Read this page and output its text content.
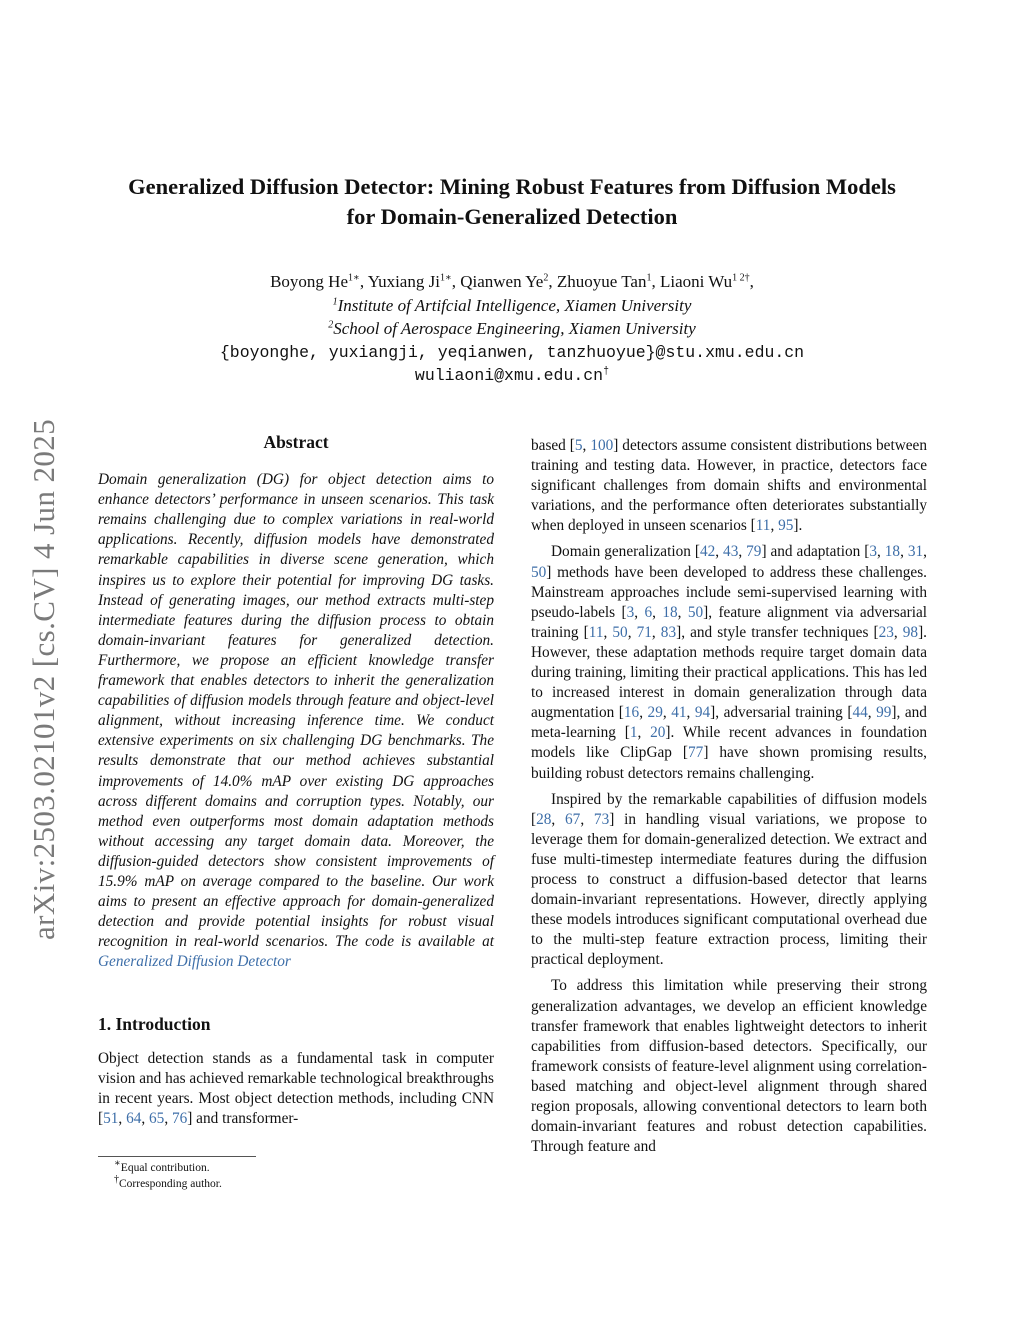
arXiv:2503.02101v2 [cs.CV] 4 Jun 2025
Generalized Diffusion Detector: Mining Robust Features from Diffusion Models
for Domain-Generalized Detection
Boyong $He^{1∗}$, Yuxiang $Ji^{1∗}$, Qianwen Ye$^2$, Zhuoyue Tan$^1$, Liaoni $Wu^{1 2\dagger}$,
$^1$Institute of Artifcial Intelligence, Xiamen University
$^2$School of Aerospace Engineering, Xiamen University
{boyonghe, yuxiangji, yeqianwen, tanzhuoyue}@stu.xmu.edu.cn
wuliaoni@xmu.edu.cn†
Abstract

Domain generalization (DG) for object detection aims to enhance detectors’ performance in unseen scenarios. This task remains challenging due to complex variations in real-world applications. Recently, diffusion models have demonstrated remarkable capabilities in diverse scene generation, which inspires us to explore their potential for improving DG tasks. Instead of generating images, our method extracts multi-step intermediate features during the diffusion process to obtain domain-invariant features for generalized detection. Furthermore, we propose an efficient knowledge transfer framework that enables detectors to inherit the generalization capabilities of diffusion models through feature and object-level alignment, without increasing inference time. We conduct extensive experiments on six challenging DG benchmarks. The results demonstrate that our method achieves substantial improvements of 14.0% mAP over existing DG approaches across different domains and corruption types. Notably, our method even outperforms most domain adaptation methods without accessing any target domain data. Moreover, the diffusion-guided detectors show consistent improvements of 15.9% mAP on average compared to the baseline. Our work aims to present an effective approach for domain-generalized detection and provide potential insights for robust visual recognition in real-world scenarios. The code is available at Generalized Diffusion Detector

1. Introduction

Object detection stands as a fundamental task in computer vision and has achieved remarkable technological breakthroughs in recent years. Most object detection methods, including CNN [51, 64, 65, 76] and transformer-

∗Equal contribution.
†Corresponding author.

based [5, 100] detectors assume consistent distributions between training and testing data. However, in practice, detectors face significant challenges from domain shifts and environmental variations, and the performance often deteriorates substantially when deployed in unseen scenarios [11, 95].

Domain generalization [42, 43, 79] and adaptation [3, 18, 31, 50] methods have been developed to address these challenges. Mainstream approaches include semi-supervised learning with pseudo-labels [3, 6, 18, 50], feature alignment via adversarial training [11, 50, 71, 83], and style transfer techniques [23, 98]. However, these adaptation methods require target domain data during training, limiting their practical applications. This has led to increased interest in domain generalization through data augmentation [16, 29, 41, 94], adversarial training [44, 99], and meta-learning [1, 20]. While recent advances in foundation models like ClipGap [77] have shown promising results, building robust detectors remains challenging.

Inspired by the remarkable capabilities of diffusion models [28, 67, 73] in handling visual variations, we propose to leverage them for domain-generalized detection. We extract and fuse multi-timestep intermediate features during the diffusion process to construct a diffusion-based detector that learns domain-invariant representations. However, directly applying these models introduces significant computational overhead due to the multi-step feature extraction process, limiting their practical deployment.

To address this limitation while preserving their strong generalization advantages, we develop an efficient knowledge transfer framework that enables lightweight detectors to inherit capabilities from diffusion-based detectors. Specifically, our framework consists of feature-level alignment using correlation-based matching and object-level alignment through shared region proposals, allowing conventional detectors to learn both domain-invariant features and robust detection capabilities. Through feature and
